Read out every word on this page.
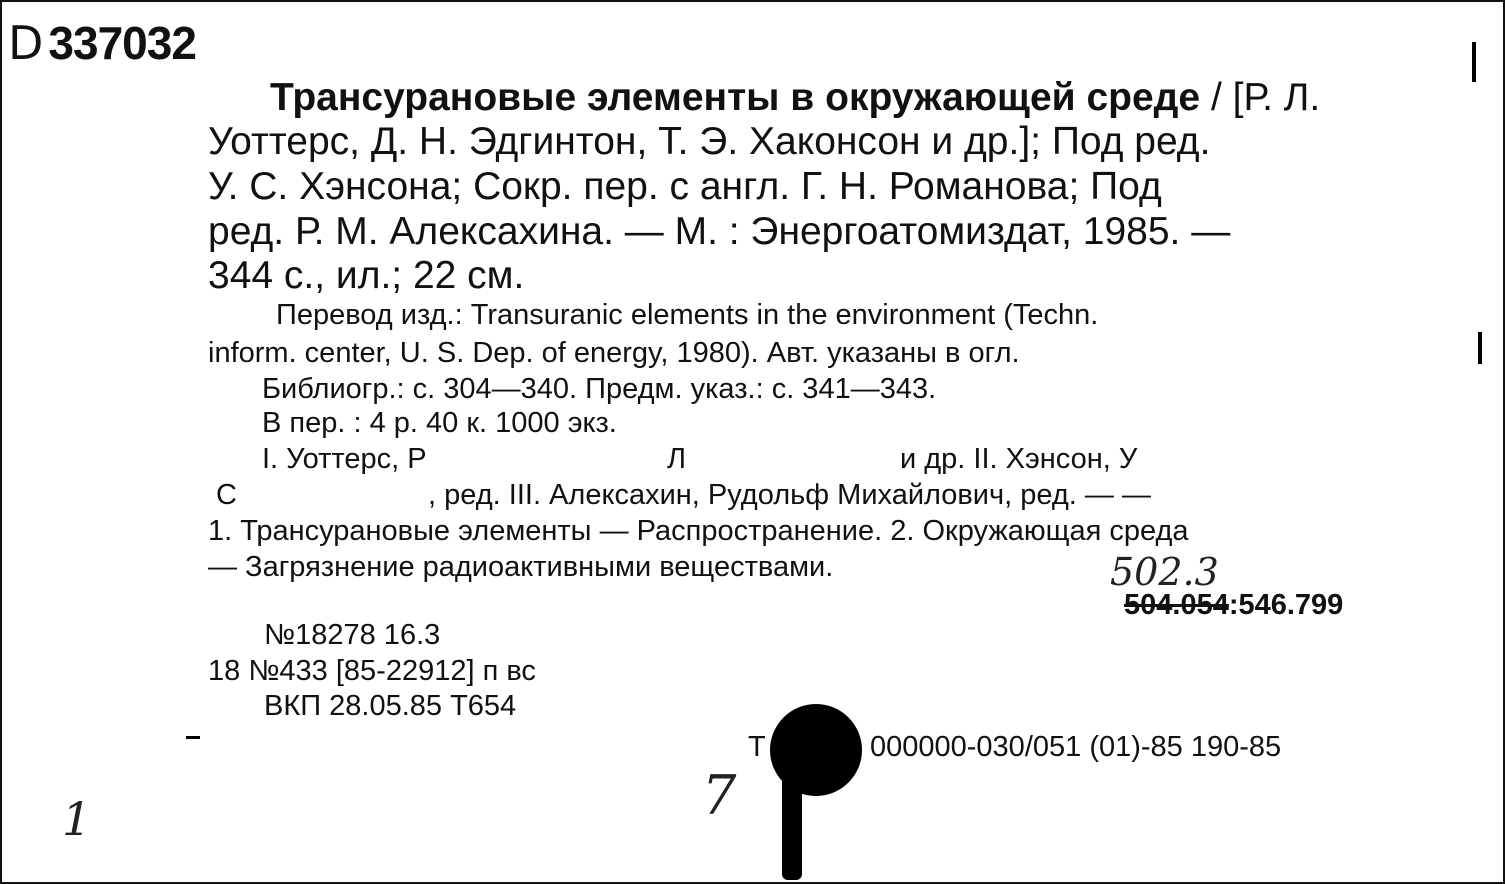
D 337032
Трансурановые элементы в окружающей среде / [Р. Л.
Уоттерс, Д. Н. Эдгинтон, Т. Э. Хаконсон и др.]; Под ред.
У. С. Хэнсона; Сокр. пер. с англ. Г. Н. Романова; Под
ред. Р. М. Алексахина. — М. : Энергоатомиздат, 1985. —
344 с., ил.; 22 см.
Перевод изд.: Transuranic elements in the environment (Techn.
inform. center, U. S. Dep. of energy, 1980). Авт. указаны в огл.
Библиогр.: с. 304—340. Предм. указ.: с. 341—343.
В пер. : 4 р. 40 к. 1000 экз.
I. Уоттерс, Р	Л	и др. II. Хэнсон, У
С	, ред. III. Алексахин, Рудольф Михайлович, ред. — —
1. Трансурановые элементы — Распространение. 2. Окружающая среда
— Загрязнение радиоактивными веществами.	502.3
504.054:546.799
№18278 16.3
18 №433 [85-22912] п вс
ВКП 28.05.85 Т654
Т	000000-030/051 (01)-85 190-85
7
1
